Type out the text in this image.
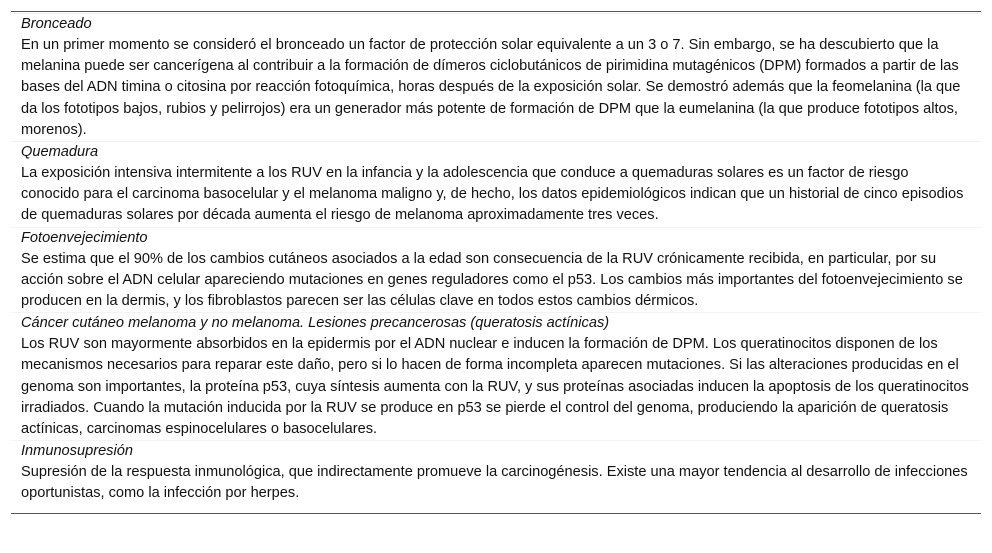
Bronceado
En un primer momento se consideró el bronceado un factor de protección solar equivalente a un 3 o 7. Sin embargo, se ha descubierto que la melanina puede ser cancerígena al contribuir a la formación de dímeros ciclobutánicos de pirimidina mutagénicos (DPM) formados a partir de las bases del ADN timina o citosina por reacción fotoquímica, horas después de la exposición solar. Se demostró además que la feomelanina (la que da los fototipos bajos, rubios y pelirrojos) era un generador más potente de formación de DPM que la eumelanina (la que produce fototipos altos, morenos).
Quemadura
La exposición intensiva intermitente a los RUV en la infancia y la adolescencia que conduce a quemaduras solares es un factor de riesgo conocido para el carcinoma basocelular y el melanoma maligno y, de hecho, los datos epidemiológicos indican que un historial de cinco episodios de quemaduras solares por década aumenta el riesgo de melanoma aproximadamente tres veces.
Fotoenvejecimiento
Se estima que el 90% de los cambios cutáneos asociados a la edad son consecuencia de la RUV crónicamente recibida, en particular, por su acción sobre el ADN celular apareciendo mutaciones en genes reguladores como el p53. Los cambios más importantes del fotoenvejecimiento se producen en la dermis, y los fibroblastos parecen ser las células clave en todos estos cambios dérmicos.
Cáncer cutáneo melanoma y no melanoma. Lesiones precancerosas (queratosis actínicas)
Los RUV son mayormente absorbidos en la epidermis por el ADN nuclear e inducen la formación de DPM. Los queratinocitos disponen de los mecanismos necesarios para reparar este daño, pero si lo hacen de forma incompleta aparecen mutaciones. Si las alteraciones producidas en el genoma son importantes, la proteína p53, cuya síntesis aumenta con la RUV, y sus proteínas asociadas inducen la apoptosis de los queratinocitos irradiados. Cuando la mutación inducida por la RUV se produce en p53 se pierde el control del genoma, produciendo la aparición de queratosis actínicas, carcinomas espinocelulares o basocelulares.
Inmunosupresión
Supresión de la respuesta inmunológica, que indirectamente promueve la carcinogénesis. Existe una mayor tendencia al desarrollo de infecciones oportunistas, como la infección por herpes.
